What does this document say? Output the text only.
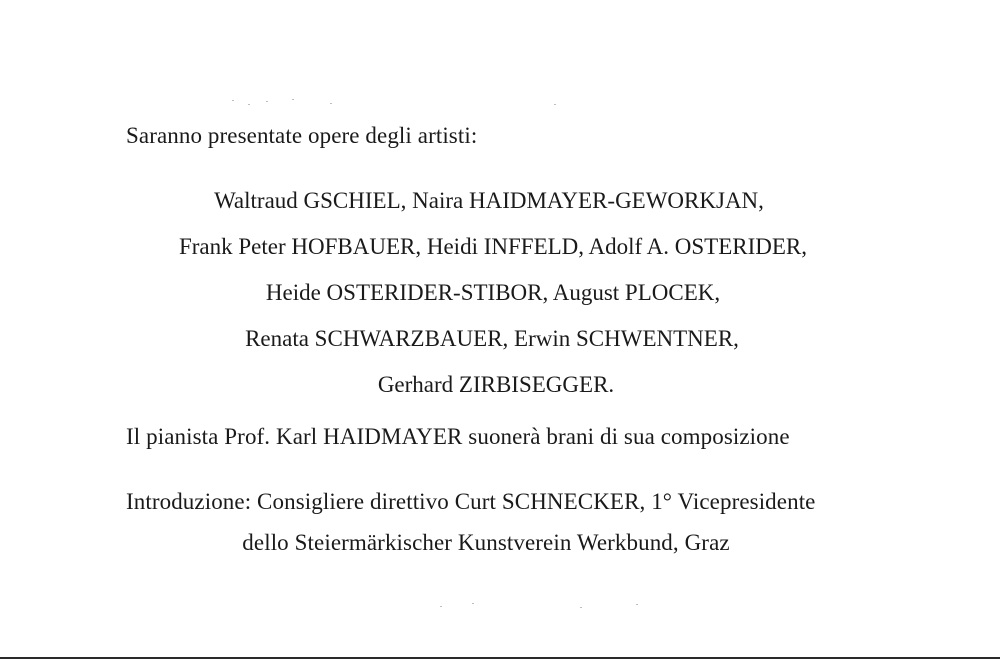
Saranno presentate opere degli artisti:
Waltraud GSCHIEL, Naira HAIDMAYER-GEWORKJAN,
Frank Peter HOFBAUER, Heidi INFFELD, Adolf A. OSTERIDER,
Heide OSTERIDER-STIBOR, August PLOCEK,
Renata SCHWARZBAUER, Erwin SCHWENTNER,
Gerhard ZIRBISEGGER.
Il pianista Prof. Karl HAIDMAYER suonerà brani di sua composizione
Introduzione: Consigliere direttivo Curt SCHNECKER, 1° Vicepresidente
dello Steiermärkischer Kunstverein Werkbund, Graz
